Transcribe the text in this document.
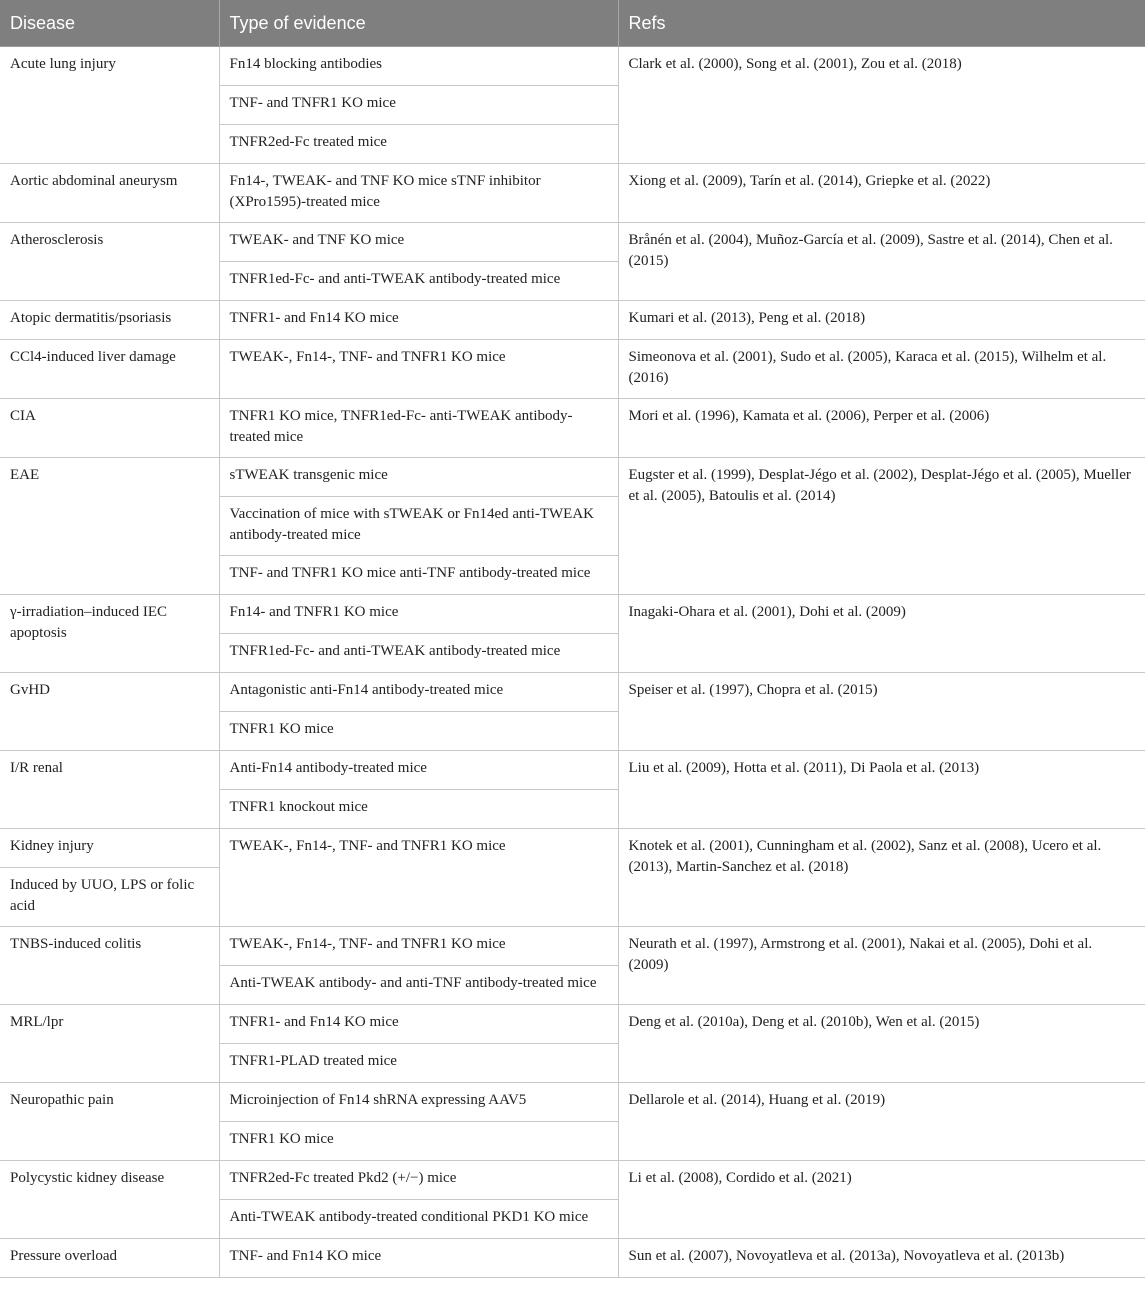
Disease	Type of evidence	Refs
Acute lung injury	Fn14 blocking antibodies	Clark et al. (2000), Song et al. (2001), Zou et al. (2018)
	TNF- and TNFR1 KO mice	
	TNFR2ed-Fc treated mice	
Aortic abdominal aneurysm	Fn14-, TWEAK- and TNF KO mice sTNF inhibitor (XPro1595)-treated mice	Xiong et al. (2009), Tarín et al. (2014), Griepke et al. (2022)
Atherosclerosis	TWEAK- and TNF KO mice	Brånén et al. (2004), Muñoz-García et al. (2009), Sastre et al. (2014), Chen et al. (2015)
	TNFR1ed-Fc- and anti-TWEAK antibody-treated mice	
Atopic dermatitis/psoriasis	TNFR1- and Fn14 KO mice	Kumari et al. (2013), Peng et al. (2018)
CCl4-induced liver damage	TWEAK-, Fn14-, TNF- and TNFR1 KO mice	Simeonova et al. (2001), Sudo et al. (2005), Karaca et al. (2015), Wilhelm et al. (2016)
CIA	TNFR1 KO mice, TNFR1ed-Fc- anti-TWEAK antibody-treated mice	Mori et al. (1996), Kamata et al. (2006), Perper et al. (2006)
EAE	sTWEAK transgenic mice	Eugster et al. (1999), Desplat-Jégo et al. (2002), Desplat-Jégo et al. (2005), Mueller et al. (2005), Batoulis et al. (2014)
	Vaccination of mice with sTWEAK or Fn14ed anti-TWEAK antibody-treated mice	
	TNF- and TNFR1 KO mice anti-TNF antibody-treated mice	
γ-irradiation–induced IEC apoptosis	Fn14- and TNFR1 KO mice	Inagaki-Ohara et al. (2001), Dohi et al. (2009)
	TNFR1ed-Fc- and anti-TWEAK antibody-treated mice	
GvHD	Antagonistic anti-Fn14 antibody-treated mice	Speiser et al. (1997), Chopra et al. (2015)
	TNFR1 KO mice	
I/R renal	Anti-Fn14 antibody-treated mice	Liu et al. (2009), Hotta et al. (2011), Di Paola et al. (2013)
	TNFR1 knockout mice	
Kidney injury	TWEAK-, Fn14-, TNF- and TNFR1 KO mice	Knotek et al. (2001), Cunningham et al. (2002), Sanz et al. (2008), Ucero et al. (2013), Martin-Sanchez et al. (2018)
Induced by UUO, LPS or folic acid		
TNBS-induced colitis	TWEAK-, Fn14-, TNF- and TNFR1 KO mice	Neurath et al. (1997), Armstrong et al. (2001), Nakai et al. (2005), Dohi et al. (2009)
	Anti-TWEAK antibody- and anti-TNF antibody-treated mice	
MRL/lpr	TNFR1- and Fn14 KO mice	Deng et al. (2010a), Deng et al. (2010b), Wen et al. (2015)
	TNFR1-PLAD treated mice	
Neuropathic pain	Microinjection of Fn14 shRNA expressing AAV5	Dellarole et al. (2014), Huang et al. (2019)
	TNFR1 KO mice	
Polycystic kidney disease	TNFR2ed-Fc treated Pkd2 (+/−) mice	Li et al. (2008), Cordido et al. (2021)
	Anti-TWEAK antibody-treated conditional PKD1 KO mice	
Pressure overload	TNF- and Fn14 KO mice	Sun et al. (2007), Novoyatleva et al. (2013a), Novoyatleva et al. (2013b)
